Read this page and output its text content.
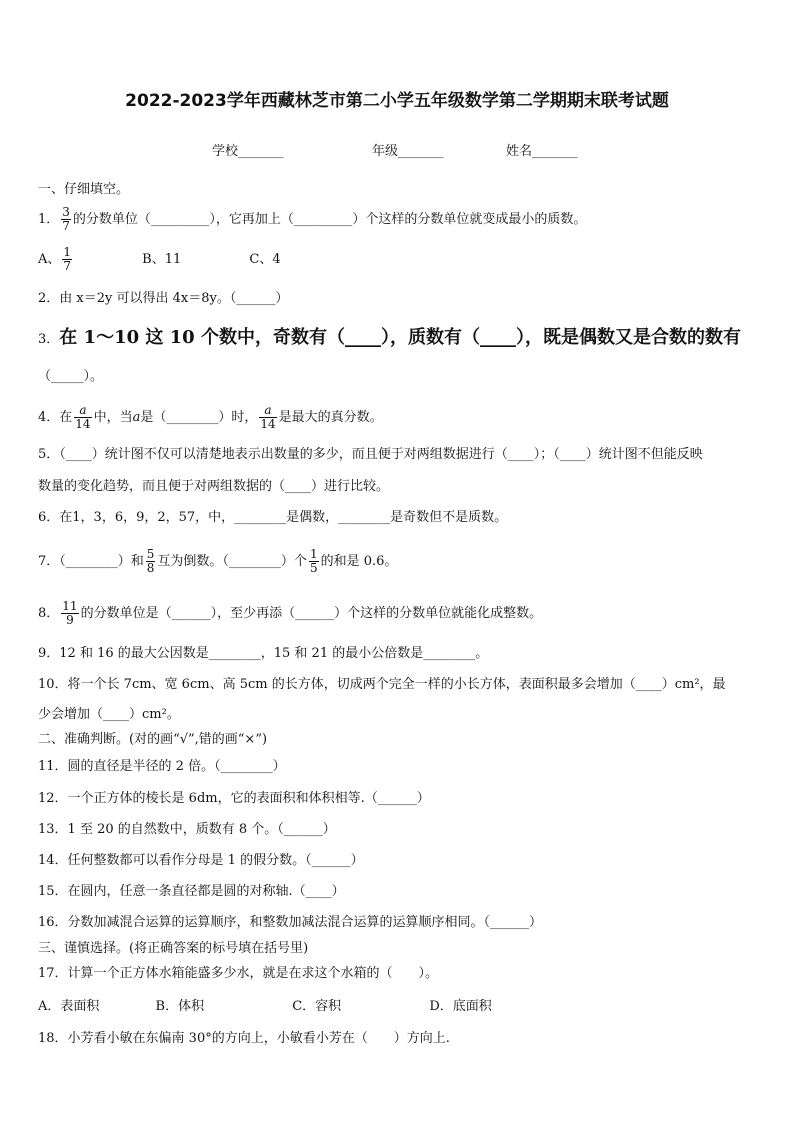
2022-2023学年西藏林芝市第二小学五年级数学第二学期期末联考试题
学校_______	年级_______	姓名_______
一、仔细填空。
1． $\frac{3}{7}$ 的分数单位（_________），它再加上（_________）个这样的分数单位就变成最小的质数。
A、 $\frac{1}{7}$	B、11	C、4
2．由 x＝2y 可以得出 4x＝8y。（______）
3．在 1～10 这 10 个数中，奇数有（____），质数有（____），既是偶数又是合数的数有
（_____）。
4．在 $\frac{a}{14}$ 中，当a是（________）时， $\frac{a}{14}$ 是最大的真分数。
5．（____）统计图不仅可以清楚地表示出数量的多少，而且便于对两组数据进行（____）；（____）统计图不但能反映
数量的变化趋势，而且便于对两组数据的（____）进行比较。
6．在1，3，6，9，2，57，中，________是偶数，________是奇数但不是质数。
7．（________）和 $\frac{5}{8}$ 互为倒数。（________）个 $\frac{1}{5}$ 的和是 0.6。
8． $\frac{11}{9}$ 的分数单位是（______），至少再添（______）个这样的分数单位就能化成整数。
9．12 和 16 的最大公因数是________，15 和 21 的最小公倍数是________。
10．将一个长 7cm、宽 6cm、高 5cm 的长方体，切成两个完全一样的小长方体，表面积最多会增加（____）cm²，最
少会增加（____）cm²。
二、准确判断。(对的画“√”,错的画“×”)
11．圆的直径是半径的 2 倍。（________）
12．一个正方体的棱长是 6dm，它的表面积和体积相等.（______）
13．1 至 20 的自然数中，质数有 8 个。（______）
14．任何整数都可以看作分母是 1 的假分数。（______）
15．在圆内，任意一条直径都是圆的对称轴.（____）
16．分数加减混合运算的运算顺序，和整数加减法混合运算的运算顺序相同。（______）
三、谨慎选择。(将正确答案的标号填在括号里)
17．计算一个正方体水箱能盛多少水，就是在求这个水箱的（　　）。
A．表面积	B．体积	C．容积	D．底面积
18．小芳看小敏在东偏南 30°的方向上，小敏看小芳在（　　）方向上.
